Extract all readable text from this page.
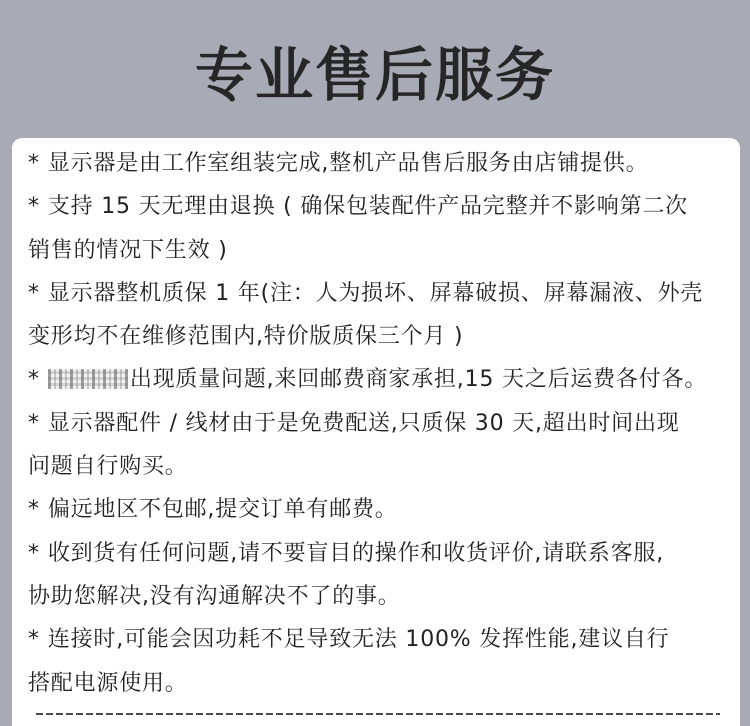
专业售后服务
* 显示器是由工作室组装完成,整机产品售后服务由店铺提供。
* 支持 15 天无理由退换 ( 确保包装配件产品完整并不影响第二次
销售的情况下生效 )
* 显示器整机质保 1 年(注：人为损坏、屏幕破损、屏幕漏液、外壳
变形均不在维修范围内,特价版质保三个月 )
*	出现质量问题,来回邮费商家承担,15 天之后运费各付各。
* 显示器配件 / 线材由于是免费配送,只质保 30 天,超出时间出现
问题自行购买。
* 偏远地区不包邮,提交订单有邮费。
* 收到货有任何问题,请不要盲目的操作和收货评价,请联系客服,
协助您解决,没有沟通解决不了的事。
* 连接时,可能会因功耗不足导致无法 100% 发挥性能,建议自行
搭配电源使用。
